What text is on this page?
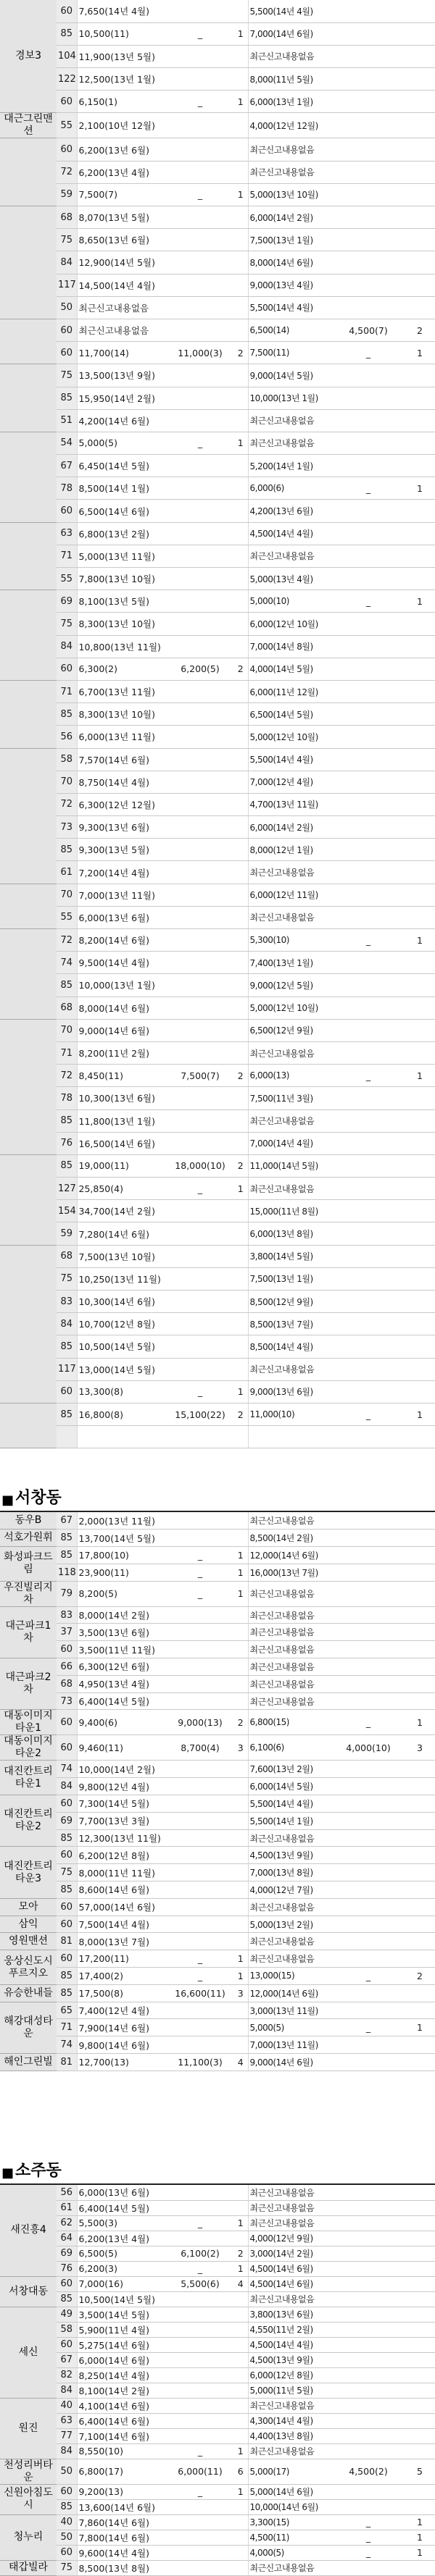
경보3	60	7,650(14년 4월)			5,500(14년 4월)		
	85	10,500(11)	_	1	7,000(14년 6월)		
	104	11,900(13년 5월)			최근신고내용없음		
	122	12,500(13년 1월)			8,000(11년 5월)		
	60	6,150(1)	_	1	6,000(13년 1월)		
대근그린맨션	55	2,100(10년 12월)			4,000(12년 12월)		
	60	6,200(13년 6월)			최근신고내용없음		
	72	6,200(13년 4월)			최근신고내용없음		
	59	7,500(7)	_	1	5,000(13년 10월)		
	68	8,070(13년 5월)			6,000(14년 2월)		
	75	8,650(13년 6월)			7,500(13년 1월)		
	84	12,900(14년 5월)			8,000(14년 6월)		
	117	14,500(14년 4월)			9,000(13년 4월)		
	50	최근신고내용없음			5,500(14년 4월)		
	60	최근신고내용없음			6,500(14)	4,500(7)	2
	60	11,700(14)	11,000(3)	2	7,500(11)	_	1
	75	13,500(13년 9월)			9,000(14년 5월)		
	85	15,950(14년 2월)			10,000(13년 1월)		
	51	4,200(14년 6월)			최근신고내용없음		
	54	5,000(5)	_	1	최근신고내용없음		
	67	6,450(14년 5월)			5,200(14년 1월)		
	78	8,500(14년 1월)			6,000(6)	_	1
	60	6,500(14년 6월)			4,200(13년 6월)		
	63	6,800(13년 2월)			4,500(14년 4월)		
	71	5,000(13년 11월)			최근신고내용없음		
	55	7,800(13년 10월)			5,000(13년 4월)		
	69	8,100(13년 5월)			5,000(10)	_	1
	75	8,300(13년 10월)			6,000(12년 10월)		
	84	10,800(13년 11월)			7,000(14년 8월)		
	60	6,300(2)	6,200(5)	2	4,000(14년 5월)		
	71	6,700(13년 11월)			6,000(11년 12월)		
	85	8,300(13년 10월)			6,500(14년 5월)		
	56	6,000(13년 11월)			5,000(12년 10월)		
	58	7,570(14년 6월)			5,500(14년 4월)		
	70	8,750(14년 4월)			7,000(12년 4월)		
	72	6,300(12년 12월)			4,700(13년 11월)		
	73	9,300(13년 6월)			6,000(14년 2월)		
	85	9,300(13년 5월)			8,000(12년 1월)		
	61	7,200(14년 4월)			최근신고내용없음		
	70	7,000(13년 11월)			6,000(12년 11월)		
	55	6,000(13년 6월)			최근신고내용없음		
	72	8,200(14년 6월)			5,300(10)	_	1
	74	9,500(14년 4월)			7,400(13년 1월)		
	85	10,000(13년 1월)			9,000(12년 5월)		
	68	8,000(14년 6월)			5,000(12년 10월)		
	70	9,000(14년 6월)			6,500(12년 9월)		
	71	8,200(11년 2월)			최근신고내용없음		
	72	8,450(11)	7,500(7)	2	6,000(13)	_	1
	78	10,300(13년 6월)			7,500(11년 3월)		
	85	11,800(13년 1월)			최근신고내용없음		
	76	16,500(14년 6월)			7,000(14년 4월)		
	85	19,000(11)	18,000(10)	2	11,000(14년 5월)		
	127	25,850(4)	_	1	최근신고내용없음		
	154	34,700(14년 2월)			15,000(11년 8월)		
	59	7,280(14년 6월)			6,000(13년 8월)		
	68	7,500(13년 10월)			3,800(14년 5월)		
	75	10,250(13년 11월)			7,500(13년 1월)		
	83	10,300(14년 6월)			8,500(12년 9월)		
	84	10,700(12년 8월)			8,500(13년 7월)		
	85	10,500(14년 5월)			8,500(14년 4월)		
	117	13,000(14년 5월)			최근신고내용없음		
	60	13,300(8)	_	1	9,000(13년 6월)		
	85	16,800(8)	15,100(22)	2	11,000(10)	_	1

■ 서창동
동우B	67	2,000(13년 11월)			최근신고내용없음		
석호가원휘	85	13,700(14년 5월)			8,500(14년 2월)		
화성파크드림	85	17,800(10)	_	1	12,000(14년 6월)		
	118	23,900(11)	_	1	16,000(13년 7월)		
우진빌리지차	79	8,200(5)	_	1	최근신고내용없음		
대근파크1차	83	8,000(14년 2월)			최근신고내용없음		
	37	3,500(13년 6월)			최근신고내용없음		
	60	3,500(11년 11월)			최근신고내용없음		
대근파크2차	66	6,300(12년 6월)			최근신고내용없음		
	68	4,950(13년 4월)			최근신고내용없음		
	73	6,400(14년 5월)			최근신고내용없음		
대동이미지타운1	60	9,400(6)	9,000(13)	2	6,800(15)	_	1
대동이미지타운2	60	9,460(11)	8,700(4)	3	6,100(6)	4,000(10)	3
대진칸트리타운1	74	10,000(14년 2월)			7,600(13년 2월)		
	84	9,800(12년 4월)			6,000(14년 5월)		
대진칸트리타운2	60	7,300(14년 5월)			5,500(14년 4월)		
	69	7,700(13년 3월)			5,500(14년 1월)		
	85	12,300(13년 11월)			최근신고내용없음		
대진칸트리타운3	60	6,200(12년 8월)			4,500(13년 9월)		
	75	8,000(11년 11월)			7,000(13년 8월)		
	85	8,600(14년 6월)			4,000(12년 7월)		
모아	60	57,000(14년 6월)			최근신고내용없음		
삼익	60	7,500(14년 4월)			5,000(13년 2월)		
영원맨션	81	8,000(13년 7월)			최근신고내용없음		
웅상신도시푸르지오	60	17,200(11)	_	1	최근신고내용없음		
	85	17,400(2)	_	1	13,000(15)	_	2
유승한내들	85	17,500(8)	16,600(11)	3	12,000(14년 6월)		
해강대성타운	65	7,400(12년 4월)			3,000(13년 11월)		
	71	7,900(14년 6월)			5,000(5)	_	1
	74	9,800(14년 6월)			7,000(13년 11월)		
해인그린빌	81	12,700(13)	11,100(3)	4	9,000(14년 6월)		
■ 소주동
새진흥4	56	6,000(13년 6월)			최근신고내용없음		
	61	6,400(14년 5월)			최근신고내용없음		
	62	5,500(3)	_	1	최근신고내용없음		
	64	6,200(13년 4월)			4,000(12년 9월)		
	69	6,500(5)	6,100(2)	2	3,000(14년 2월)		
	76	6,200(3)	_	1	4,500(14년 6월)		
서창대동	60	7,000(16)	5,500(6)	4	4,500(14년 6월)		
	85	10,500(14년 5월)			최근신고내용없음		
세신	49	3,500(14년 5월)			3,800(13년 6월)		
	58	5,900(11년 4월)			4,550(11년 2월)		
	60	5,275(14년 6월)			4,500(14년 4월)		
	67	6,000(14년 6월)			4,500(13년 9월)		
	82	8,250(14년 4월)			6,000(12년 8월)		
	84	8,100(14년 2월)			5,000(11년 5월)		
원진	40	4,100(14년 6월)			최근신고내용없음		
	63	6,400(14년 6월)			4,300(14년 4월)		
	77	7,100(14년 6월)			4,400(13년 8월)		
	84	8,550(10)	_	1	최근신고내용없음		
천성리버타운	50	6,800(17)	6,000(11)	6	5,000(17)	4,500(2)	5
신원아침도시	60	9,200(13)	_	1	5,000(14년 6월)		
	85	13,600(14년 6월)			10,000(14년 6월)		
청누리	40	7,860(14년 6월)			3,300(15)	_	1
	50	7,800(14년 6월)			4,500(11)	_	1
	60	9,600(14년 4월)			4,000(5)	_	1
태갑빌라	75	8,500(13년 8월)			최근신고내용없음		
